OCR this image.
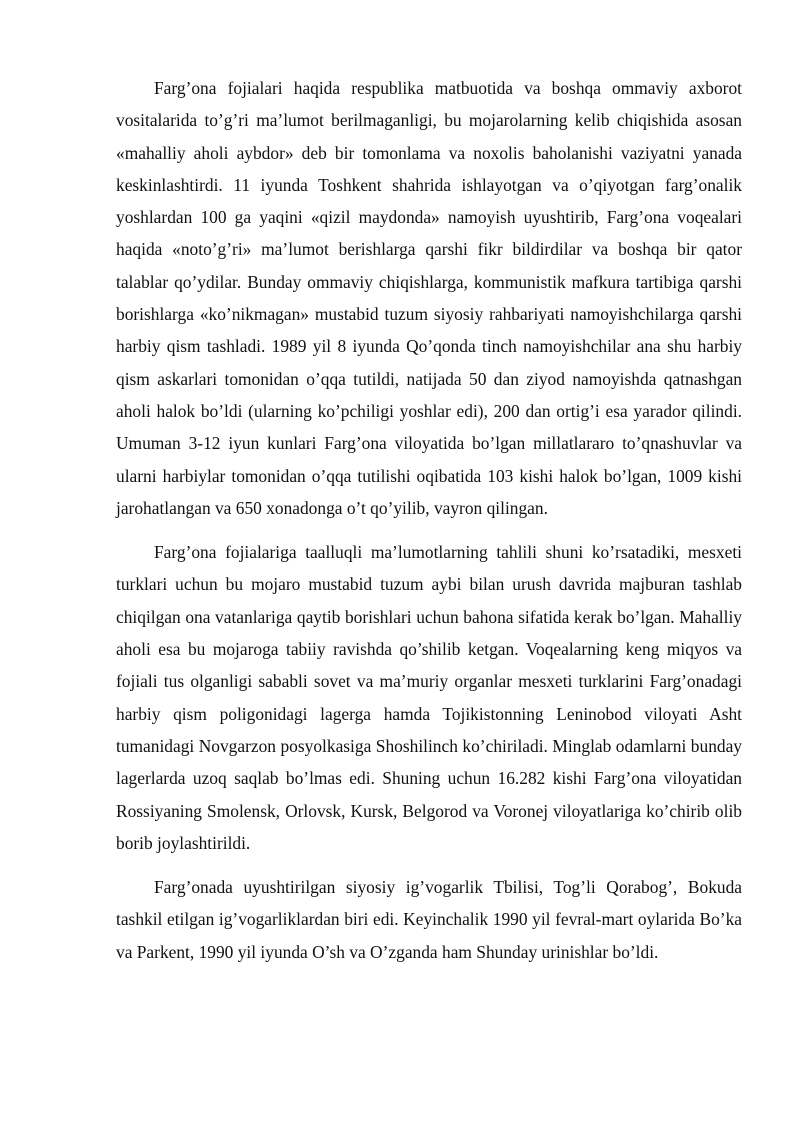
Farg’ona fojialari haqida respublika matbuotida va boshqa ommaviy axborot vositalarida to’g’ri ma’lumot berilmaganligi, bu mojarolarning kelib chiqishida asosan «mahalliy aholi aybdor» deb bir tomonlama va noxolis baholanishi vaziyatni yanada keskinlashtirdi. 11 iyunda Toshkent shahrida ishlayotgan va o’qiyotgan farg’onalik yoshlardan 100 ga yaqini «qizil maydonda» namoyish uyushtirib, Farg’ona voqealari haqida «noto’g’ri» ma’lumot berishlarga qarshi fikr bildirdilar va boshqa bir qator talablar qo’ydilar. Bunday ommaviy chiqishlarga, kommunistik mafkura tartibiga qarshi borishlarga «ko’nikmagan» mustabid tuzum siyosiy rahbariyati namoyishchilarga qarshi harbiy qism tashladi. 1989 yil 8 iyunda Qo’qonda tinch namoyishchilar ana shu harbiy qism askarlari tomonidan o’qqa tutildi, natijada 50 dan ziyod namoyishda qatnashgan aholi halok bo’ldi (ularning ko’pchiligi yoshlar edi), 200 dan ortig’i esa yarador qilindi. Umuman 3-12 iyun kunlari Farg’ona viloyatida bo’lgan millatlararo to’qnashuvlar va ularni harbiylar tomonidan o’qqa tutilishi oqibatida 103 kishi halok bo’lgan, 1009 kishi jarohatlangan va 650 xonadonga o’t qo’yilib, vayron qilingan.

Farg’ona fojialariga taalluqli ma’lumotlarning tahlili shuni ko’rsatadiki, mesxeti turklari uchun bu mojaro mustabid tuzum aybi bilan urush davrida majburan tashlab chiqilgan ona vatanlariga qaytib borishlari uchun bahona sifatida kerak bo’lgan. Mahalliy aholi esa bu mojaroga tabiiy ravishda qo’shilib ketgan. Voqealarning keng miqyos va fojiali tus olganligi sababli sovet va ma’muriy organlar mesxeti turklarini Farg’onadagi harbiy qism poligonidagi lagerga hamda Tojikistonning Leninobod viloyati Asht tumanidagi Novgarzon posyolkasiga Shoshilinch ko’chiriladi. Minglab odamlarni bunday lagerlarda uzoq saqlab bo’lmas edi. Shuning uchun 16.282 kishi Farg’ona viloyatidan Rossiyaning Smolensk, Orlovsk, Kursk, Belgorod va Voronej viloyatlariga ko’chirib olib borib joylashtirildi.

Farg’onada uyushtirilgan siyosiy ig’vogarlik Tbilisi, Tog’li Qorabog’, Bokuda tashkil etilgan ig’vogarliklardan biri edi. Keyinchalik 1990 yil fevral-mart oylarida Bo’ka va Parkent, 1990 yil iyunda O’sh va O’zganda ham Shunday urinishlar bo’ldi.
